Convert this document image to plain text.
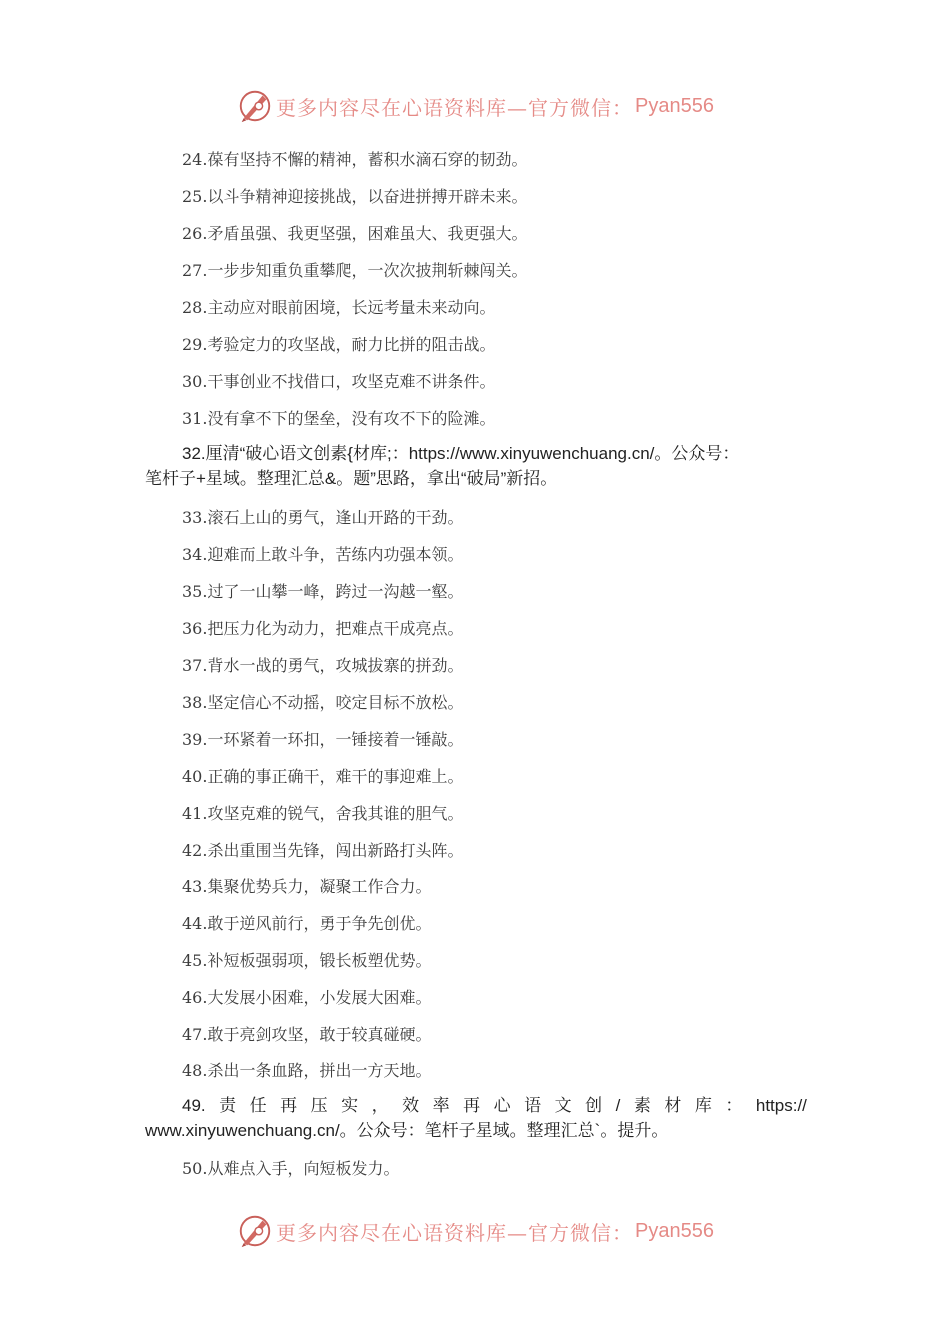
更多内容尽在心语资料库—官方微信： Pyan556
24.葆有坚持不懈的精神，蓄积水滴石穿的韧劲。
25.以斗争精神迎接挑战，以奋进拼搏开辟未来。
26.矛盾虽强、我更坚强，困难虽大、我更强大。
27.一步步知重负重攀爬，一次次披荆斩棘闯关。
28.主动应对眼前困境，长远考量未来动向。
29.考验定力的攻坚战，耐力比拼的阻击战。
30.干事创业不找借口，攻坚克难不讲条件。
31.没有拿不下的堡垒，没有攻不下的险滩。
32.厘清“破心语文创素{材库;：https://www.xinyuwenchuang.cn/。公众号：
笔杆子+星域。整理汇总&。题”思路，拿出“破局”新招。
33.滚石上山的勇气，逢山开路的干劲。
34.迎难而上敢斗争，苦练内功强本领。
35.过了一山攀一峰，跨过一沟越一壑。
36.把压力化为动力，把难点干成亮点。
37.背水一战的勇气，攻城拔寨的拼劲。
38.坚定信心不动摇，咬定目标不放松。
39.一环紧着一环扣，一锤接着一锤敲。
40.正确的事正确干，难干的事迎难上。
41.攻坚克难的锐气，舍我其谁的胆气。
42.杀出重围当先锋，闯出新路打头阵。
43.集聚优势兵力，凝聚工作合力。
44.敢于逆风前行，勇于争先创优。
45.补短板强弱项，锻长板塑优势。
46.大发展小困难，小发展大困难。
47.敢于亮剑攻坚，敢于较真碰硬。
48.杀出一条血路，拼出一方天地。
49. 责 任 再 压 实 ， 效 率 再 心 语 文 创 / 素 材 库 ： https://
www.xinyuwenchuang.cn/。公众号：笔杆子星域。整理汇总`。提升。
50.从难点入手，向短板发力。
更多内容尽在心语资料库—官方微信： Pyan556
